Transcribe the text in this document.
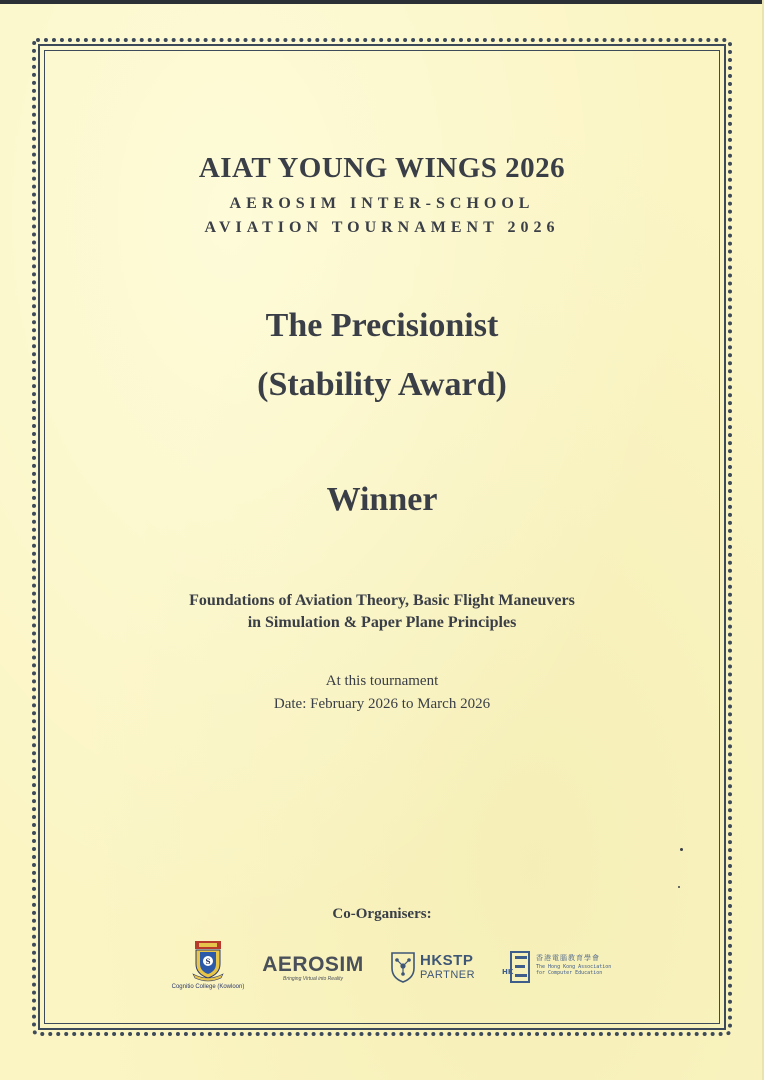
AIAT YOUNG WINGS 2026
AEROSIM INTER-SCHOOL
AVIATION TOURNAMENT 2026
The Precisionist
(Stability Award)
Winner
Foundations of Aviation Theory, Basic Flight Maneuvers
in Simulation & Paper Plane Principles
At this tournament
Date: February 2026 to March 2026
Co-Organisers:
S
Cognitio College (Kowloon)
AEROSIM
Bringing Virtual into Reality
HKSTP
PARTNER	HK
香港電腦教育學會
The Hong Kong Association
for Computer Education
